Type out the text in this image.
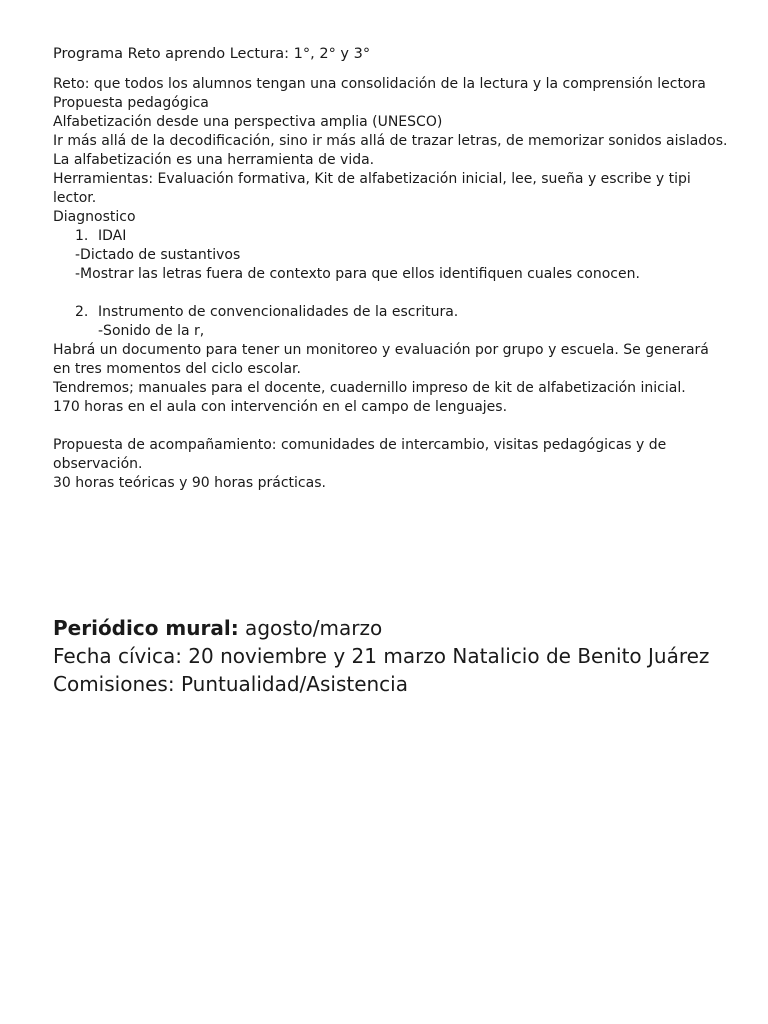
Programa Reto aprendo Lectura: 1°, 2° y 3°
Reto: que todos los alumnos tengan una consolidación de la lectura y la comprensión lectora
Propuesta pedagógica
Alfabetización desde una perspectiva amplia (UNESCO)
Ir más allá de la decodificación, sino ir más allá de trazar letras, de memorizar sonidos aislados.
La alfabetización es una herramienta de vida.
Herramientas: Evaluación formativa, Kit de alfabetización inicial, lee, sueña y escribe y tipi
lector.
Diagnostico
1. IDAI
-Dictado de sustantivos
-Mostrar las letras fuera de contexto para que ellos identifiquen cuales conocen.
2. Instrumento de convencionalidades de la escritura.
-Sonido de la r,
Habrá un documento para tener un monitoreo y evaluación por grupo y escuela. Se generará
en tres momentos del ciclo escolar.
Tendremos; manuales para el docente, cuadernillo impreso de kit de alfabetización inicial.
170 horas en el aula con intervención en el campo de lenguajes.
Propuesta de acompañamiento: comunidades de intercambio, visitas pedagógicas y de
observación.
30 horas teóricas y 90 horas prácticas.
Periódico mural: agosto/marzo
Fecha cívica: 20 noviembre y 21 marzo Natalicio de Benito Juárez
Comisiones: Puntualidad/Asistencia
